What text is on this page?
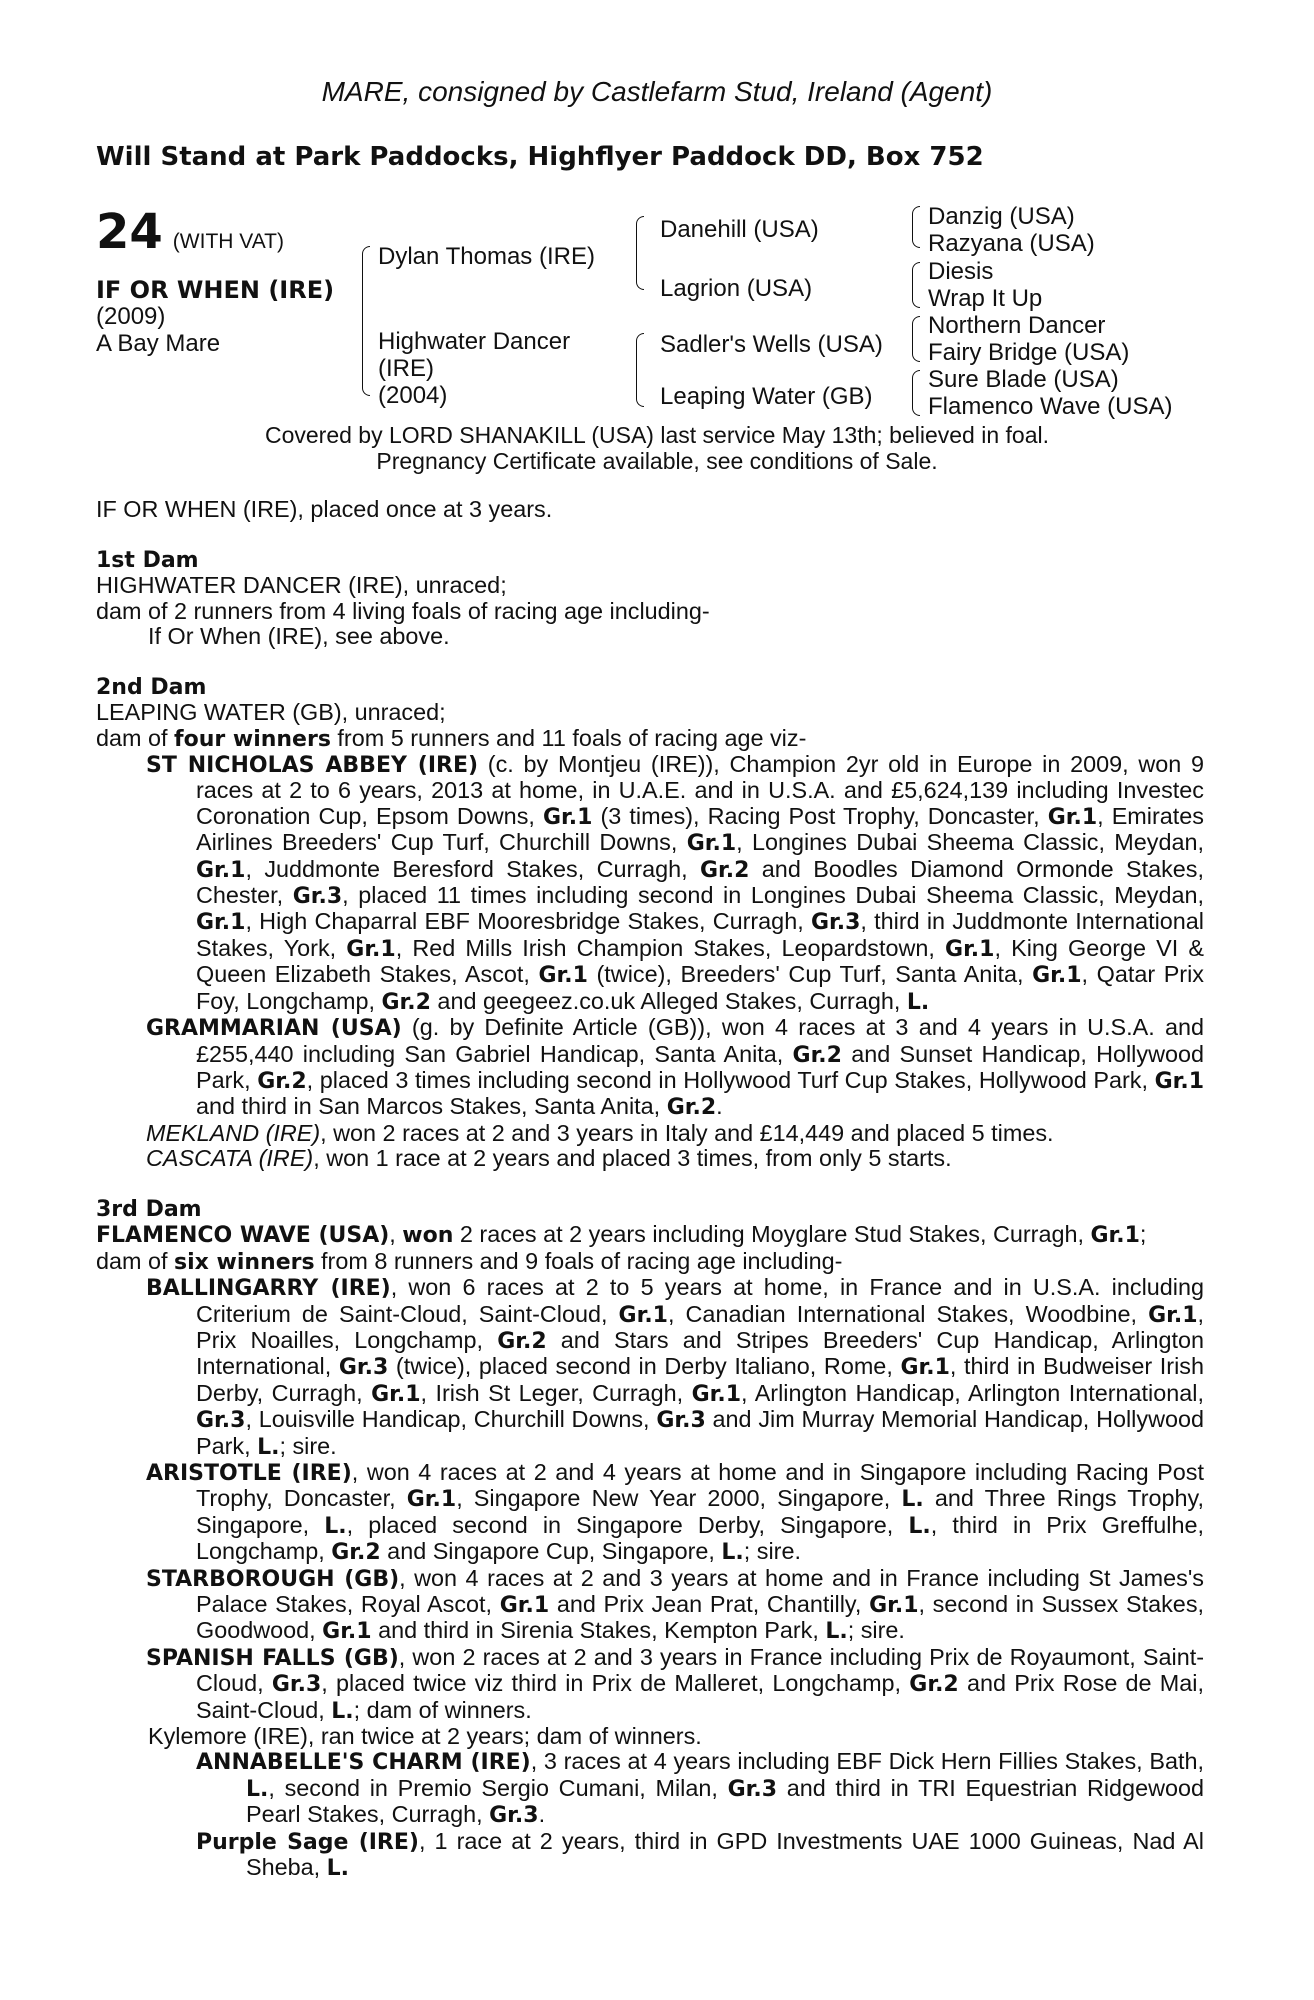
MARE, consigned by Castlefarm Stud, Ireland (Agent)
Will Stand at Park Paddocks, Highflyer Paddock DD, Box 752
24 (WITH VAT)
IF OR WHEN (IRE)
(2009)
A Bay Mare
Dylan Thomas (IRE)
Highwater Dancer
(IRE)
(2004)
Danehill (USA)
Lagrion (USA)
Sadler's Wells (USA)
Leaping Water (GB)
Danzig (USA)
Razyana (USA)
Diesis
Wrap It Up
Northern Dancer
Fairy Bridge (USA)
Sure Blade (USA)
Flamenco Wave (USA)
Covered by LORD SHANAKILL (USA) last service May 13th; believed in foal.
Pregnancy Certificate available, see conditions of Sale.

IF OR WHEN (IRE), placed once at 3 years.

1st Dam

HIGHWATER DANCER (IRE), unraced;

dam of 2 runners from 4 living foals of racing age including-

If Or When (IRE), see above.

2nd Dam

LEAPING WATER (GB), unraced;

dam of four winners from 5 runners and 11 foals of racing age viz-

ST NICHOLAS ABBEY (IRE) (c. by Montjeu (IRE)), Champion 2yr old in Europe in 2009, won 9 races at 2 to 6 years, 2013 at home, in U.A.E. and in U.S.A. and £5,624,139 including Investec Coronation Cup, Epsom Downs, Gr.1 (3 times), Racing Post Trophy, Doncaster, Gr.1, Emirates Airlines Breeders' Cup Turf, Churchill Downs, Gr.1, Longines Dubai Sheema Classic, Meydan, Gr.1, Juddmonte Beresford Stakes, Curragh, Gr.2 and Boodles Diamond Ormonde Stakes, Chester, Gr.3, placed 11 times including second in Longines Dubai Sheema Classic, Meydan, Gr.1, High Chaparral EBF Mooresbridge Stakes, Curragh, Gr.3, third in Juddmonte International Stakes, York, Gr.1, Red Mills Irish Champion Stakes, Leopardstown, Gr.1, King George VI & Queen Elizabeth Stakes, Ascot, Gr.1 (twice), Breeders' Cup Turf, Santa Anita, Gr.1, Qatar Prix Foy, Longchamp, Gr.2 and geegeez.co.uk Alleged Stakes, Curragh, L.

GRAMMARIAN (USA) (g. by Definite Article (GB)), won 4 races at 3 and 4 years in U.S.A. and £255,440 including San Gabriel Handicap, Santa Anita, Gr.2 and Sunset Handicap, Hollywood Park, Gr.2, placed 3 times including second in Hollywood Turf Cup Stakes, Hollywood Park, Gr.1 and third in San Marcos Stakes, Santa Anita, Gr.2.

MEKLAND (IRE), won 2 races at 2 and 3 years in Italy and £14,449 and placed 5 times.

CASCATA (IRE), won 1 race at 2 years and placed 3 times, from only 5 starts.

3rd Dam

FLAMENCO WAVE (USA), won 2 races at 2 years including Moyglare Stud Stakes, Curragh, Gr.1;

dam of six winners from 8 runners and 9 foals of racing age including-

BALLINGARRY (IRE), won 6 races at 2 to 5 years at home, in France and in U.S.A. including Criterium de Saint-Cloud, Saint-Cloud, Gr.1, Canadian International Stakes, Woodbine, Gr.1, Prix Noailles, Longchamp, Gr.2 and Stars and Stripes Breeders' Cup Handicap, Arlington International, Gr.3 (twice), placed second in Derby Italiano, Rome, Gr.1, third in Budweiser Irish Derby, Curragh, Gr.1, Irish St Leger, Curragh, Gr.1, Arlington Handicap, Arlington International, Gr.3, Louisville Handicap, Churchill Downs, Gr.3 and Jim Murray Memorial Handicap, Hollywood Park, L.; sire.

ARISTOTLE (IRE), won 4 races at 2 and 4 years at home and in Singapore including Racing Post Trophy, Doncaster, Gr.1, Singapore New Year 2000, Singapore, L. and Three Rings Trophy, Singapore, L., placed second in Singapore Derby, Singapore, L., third in Prix Greffulhe, Longchamp, Gr.2 and Singapore Cup, Singapore, L.; sire.

STARBOROUGH (GB), won 4 races at 2 and 3 years at home and in France including St James's Palace Stakes, Royal Ascot, Gr.1 and Prix Jean Prat, Chantilly, Gr.1, second in Sussex Stakes, Goodwood, Gr.1 and third in Sirenia Stakes, Kempton Park, L.; sire.

SPANISH FALLS (GB), won 2 races at 2 and 3 years in France including Prix de Royaumont, Saint-Cloud, Gr.3, placed twice viz third in Prix de Malleret, Longchamp, Gr.2 and Prix Rose de Mai, Saint-Cloud, L.; dam of winners.

Kylemore (IRE), ran twice at 2 years; dam of winners.

ANNABELLE'S CHARM (IRE), 3 races at 4 years including EBF Dick Hern Fillies Stakes, Bath, L., second in Premio Sergio Cumani, Milan, Gr.3 and third in TRI Equestrian Ridgewood Pearl Stakes, Curragh, Gr.3.

Purple Sage (IRE), 1 race at 2 years, third in GPD Investments UAE 1000 Guineas, Nad Al Sheba, L.
